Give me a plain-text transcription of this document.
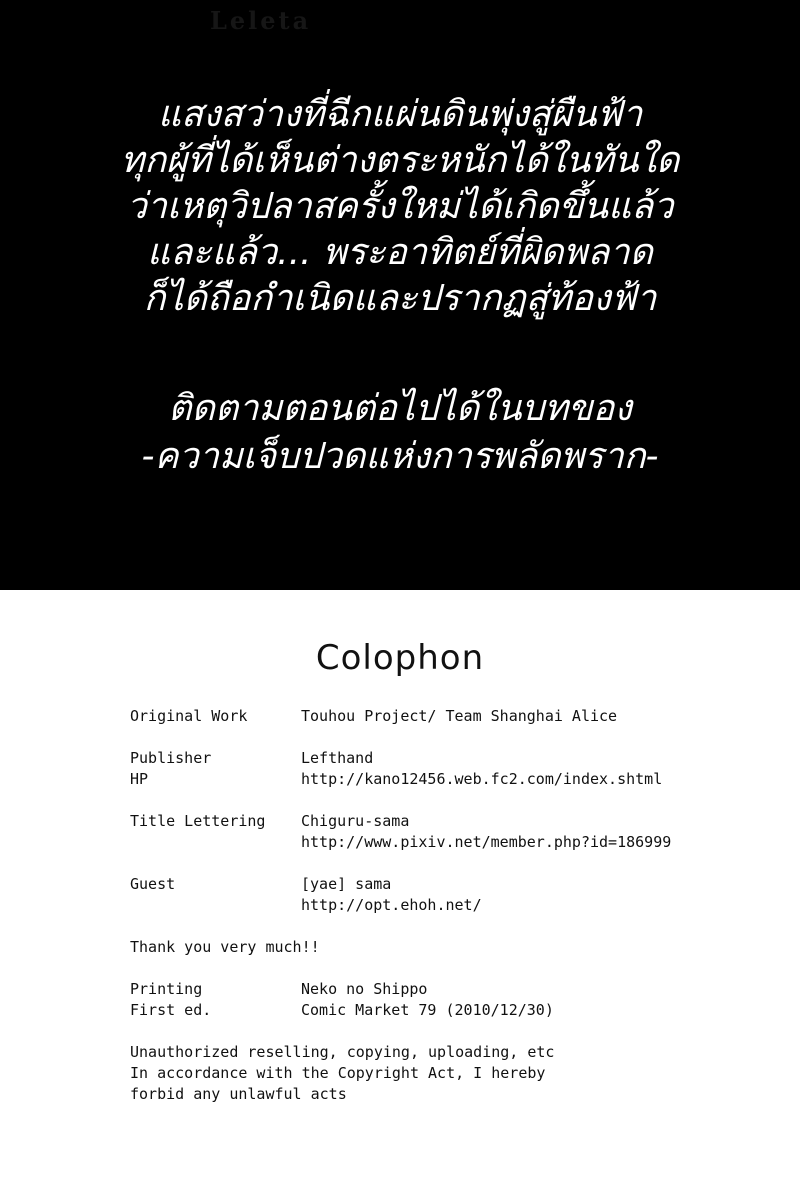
Leleta
แสงสว่างที่ฉีกแผ่นดินพุ่งสู่ผืนฟ้า
ทุกผู้ที่ได้เห็นต่างตระหนักได้ในทันใด
ว่าเหตุวิปลาสครั้งใหม่ได้เกิดขึ้นแล้ว
และแล้ว... พระอาทิตย์ที่ผิดพลาด
ก็ได้ถือกำเนิดและปรากฏสู่ท้องฟ้า
ติดตามตอนต่อไปได้ในบทของ
-ความเจ็บปวดแห่งการพลัดพราก-
Colophon
Original Work	Touhou Project/ Team Shanghai Alice
Publisher	Lefthand
HP	http://kano12456.web.fc2.com/index.shtml
Title Lettering	Chiguru-sama
http://www.pixiv.net/member.php?id=186999
Guest	[yae] sama
http://opt.ehoh.net/
Thank you very much!!
Printing	Neko no Shippo
First ed.	Comic Market 79 (2010/12/30)
Unauthorized reselling, copying, uploading, etc
In accordance with the Copyright Act, I hereby
forbid any unlawful acts
